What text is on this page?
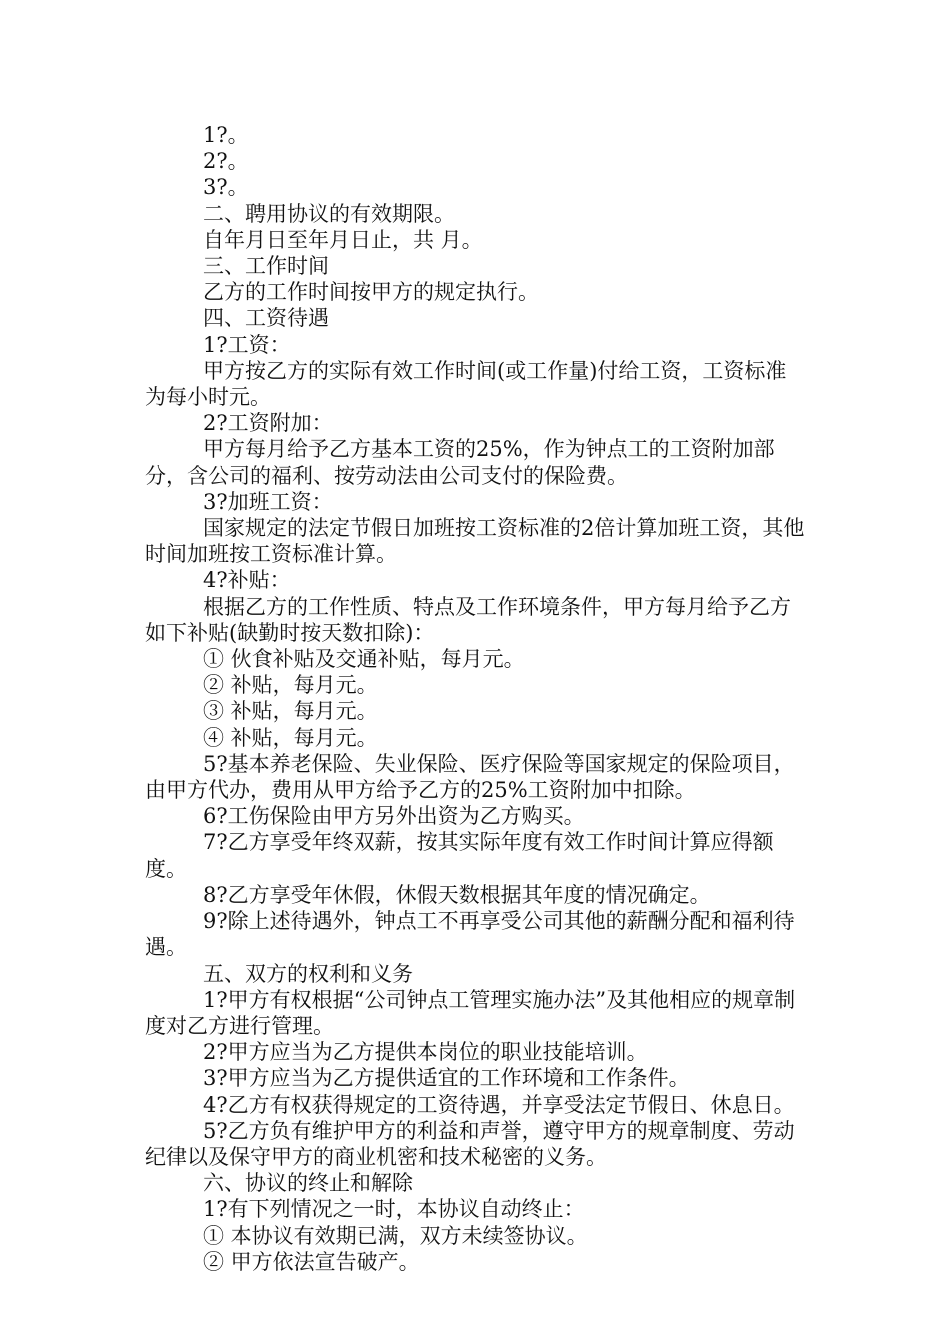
1?。

2?。

3?。

二、聘用协议的有效期限。

自年月日至年月日止，共 月。

三、工作时间

乙方的工作时间按甲方的规定执行。

四、工资待遇

1?工资：

甲方按乙方的实际有效工作时间(或工作量)付给工资，工资标准为每小时元。

2?工资附加：

甲方每月给予乙方基本工资的25%，作为钟点工的工资附加部分，含公司的福利、按劳动法由公司支付的保险费。

3?加班工资：

国家规定的法定节假日加班按工资标准的2倍计算加班工资，其他时间加班按工资标准计算。

4?补贴：

根据乙方的工作性质、特点及工作环境条件，甲方每月给予乙方如下补贴(缺勤时按天数扣除)：

① 伙食补贴及交通补贴，每月元。

② 补贴，每月元。

③ 补贴，每月元。

④ 补贴，每月元。

5?基本养老保险、失业保险、医疗保险等国家规定的保险项目，由甲方代办，费用从甲方给予乙方的25%工资附加中扣除。

6?工伤保险由甲方另外出资为乙方购买。

7?乙方享受年终双薪，按其实际年度有效工作时间计算应得额度。

8?乙方享受年休假，休假天数根据其年度的情况确定。

9?除上述待遇外，钟点工不再享受公司其他的薪酬分配和福利待遇。

五、双方的权利和义务

1?甲方有权根据“公司钟点工管理实施办法”及其他相应的规章制度对乙方进行管理。

2?甲方应当为乙方提供本岗位的职业技能培训。

3?甲方应当为乙方提供适宜的工作环境和工作条件。

4?乙方有权获得规定的工资待遇，并享受法定节假日、休息日。

5?乙方负有维护甲方的利益和声誉，遵守甲方的规章制度、劳动纪律以及保守甲方的商业机密和技术秘密的义务。

六、协议的终止和解除

1?有下列情况之一时，本协议自动终止：

① 本协议有效期已满，双方未续签协议。

② 甲方依法宣告破产。
